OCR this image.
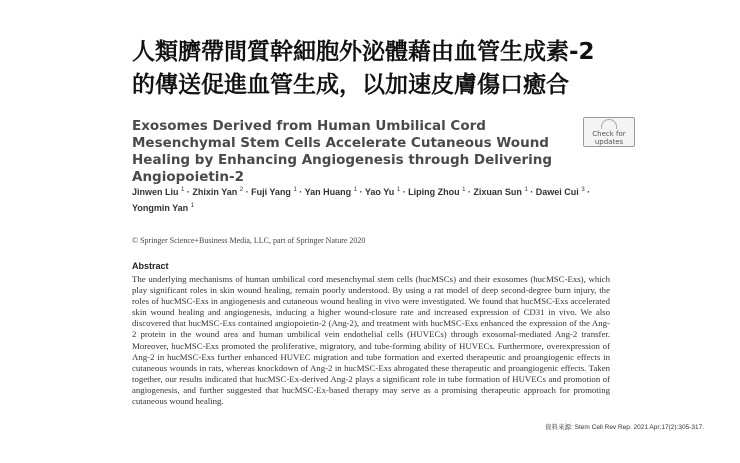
人類臍帶間質幹細胞外泌體藉由血管生成素-2
的傳送促進血管生成，以加速皮膚傷口癒合
Exosomes Derived from Human Umbilical Cord Mesenchymal Stem Cells Accelerate Cutaneous Wound Healing by Enhancing Angiogenesis through Delivering Angiopoietin-2
Check for
updates

Jinwen Liu $^1$ · Zhixin Yan $^2$ · Fuji Yang $^1$ · Yan Huang $^1$ · Yao Yu $^1$ · Liping Zhou $^1$ · Zixuan Sun $^1$ · Dawei Cui $^3$ · Yongmin Yan $^1$

© Springer Science+Business Media, LLC, part of Springer Nature 2020

Abstract

The underlying mechanisms of human umbilical cord mesenchymal stem cells (hucMSCs) and their exosomes (hucMSC-Exs), which play significant roles in skin wound healing, remain poorly understood. By using a rat model of deep second-degree burn injury, the roles of hucMSC-Exs in angiogenesis and cutaneous wound healing in vivo were investigated. We found that hucMSC-Exs accelerated skin wound healing and angiogenesis, inducing a higher wound-closure rate and increased expression of CD31 in vivo. We also discovered that hucMSC-Exs contained angiopoietin-2 (Ang-2), and treatment with hucMSC-Exs enhanced the expression of the Ang-2 protein in the wound area and human umbilical vein endothelial cells (HUVECs) through exosomal-mediated Ang-2 transfer. Moreover, hucMSC-Exs promoted the proliferative, migratory, and tube-forming ability of HUVECs. Furthermore, overexpression of Ang-2 in hucMSC-Exs further enhanced HUVEC migration and tube formation and exerted therapeutic and proangiogenic effects in cutaneous wounds in rats, whereas knockdown of Ang-2 in hucMSC-Exs abrogated these therapeutic and proangiogenic effects. Taken together, our results indicated that hucMSC-Ex-derived Ang-2 plays a significant role in tube formation of HUVECs and promotion of angiogenesis, and further suggested that hucMSC-Ex-based therapy may serve as a promising therapeutic approach for promoting cutaneous wound healing.

資料來源: Stem Cell Rev Rep. 2021 Apr;17(2):305-317.
